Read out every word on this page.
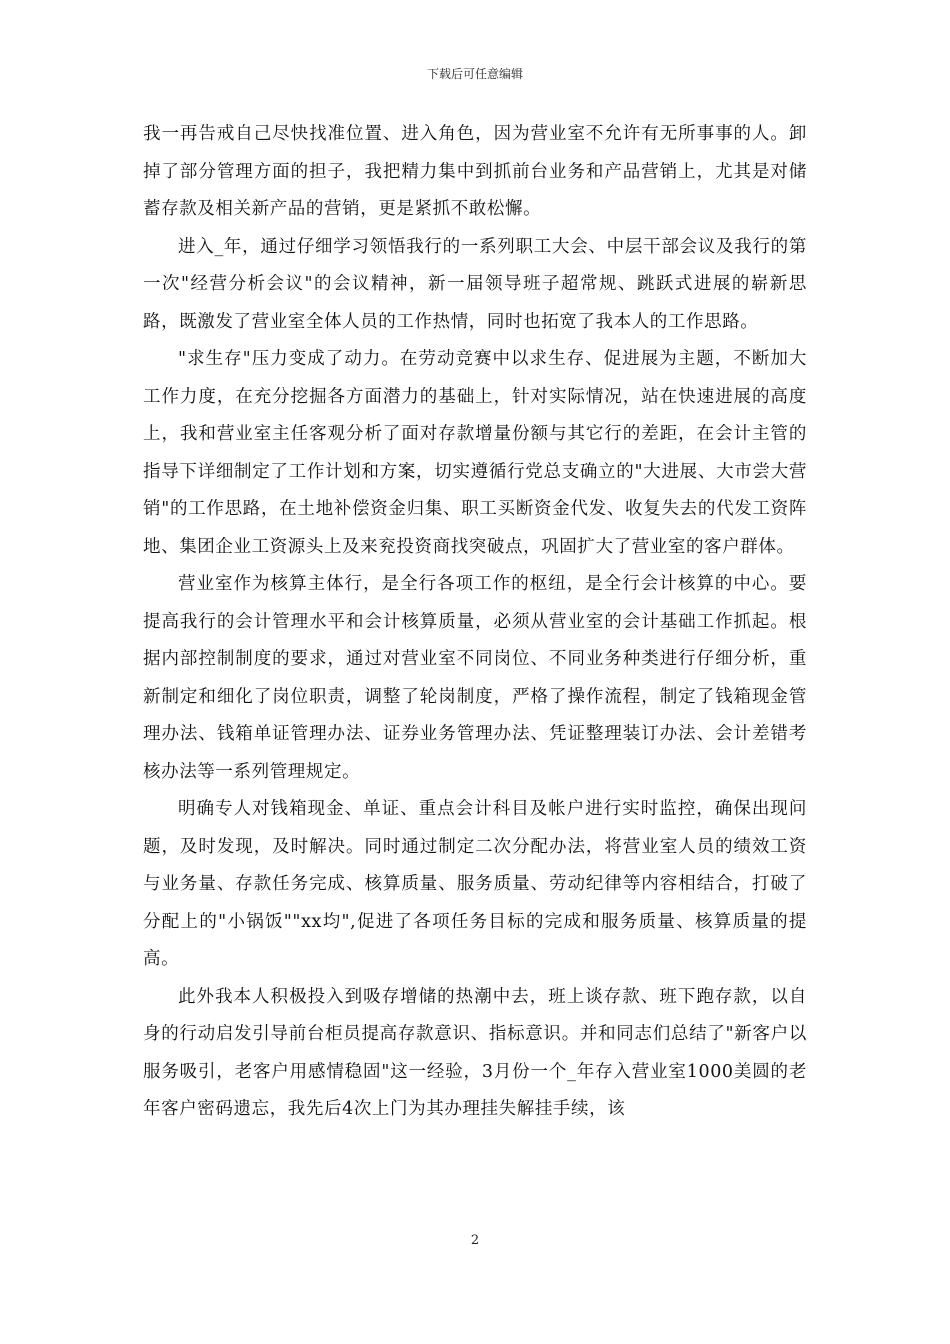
下载后可任意编辑

我一再告戒自己尽快找准位置、进入角色，因为营业室不允许有无所事事的人。卸掉了部分管理方面的担子，我把精力集中到抓前台业务和产品营销上，尤其是对储蓄存款及相关新产品的营销，更是紧抓不敢松懈。

进入_年，通过仔细学习领悟我行的一系列职工大会、中层干部会议及我行的第一次"经营分析会议"的会议精神，新一届领导班子超常规、跳跃式进展的崭新思路，既激发了营业室全体人员的工作热情，同时也拓宽了我本人的工作思路。

"求生存"压力变成了动力。在劳动竞赛中以求生存、促进展为主题，不断加大工作力度，在充分挖掘各方面潜力的基础上，针对实际情况，站在快速进展的高度上，我和营业室主任客观分析了面对存款增量份额与其它行的差距，在会计主管的指导下详细制定了工作计划和方案，切实遵循行党总支确立的"大进展、大市尝大营销"的工作思路，在土地补偿资金归集、职工买断资金代发、收复失去的代发工资阵地、集团企业工资源头上及来兖投资商找突破点，巩固扩大了营业室的客户群体。

营业室作为核算主体行，是全行各项工作的枢纽，是全行会计核算的中心。要提高我行的会计管理水平和会计核算质量，必须从营业室的会计基础工作抓起。根据内部控制制度的要求，通过对营业室不同岗位、不同业务种类进行仔细分析，重新制定和细化了岗位职责，调整了轮岗制度，严格了操作流程，制定了钱箱现金管理办法、钱箱单证管理办法、证券业务管理办法、凭证整理装订办法、会计差错考核办法等一系列管理规定。

明确专人对钱箱现金、单证、重点会计科目及帐户进行实时监控，确保出现问题，及时发现，及时解决。同时通过制定二次分配办法，将营业室人员的绩效工资与业务量、存款任务完成、核算质量、服务质量、劳动纪律等内容相结合，打破了分配上的"小锅饭""xx均",促进了各项任务目标的完成和服务质量、核算质量的提高。

此外我本人积极投入到吸存增储的热潮中去，班上谈存款、班下跑存款，以自身的行动启发引导前台柜员提高存款意识、指标意识。并和同志们总结了"新客户以服务吸引，老客户用感情稳固"这一经验，3月份一个_年存入营业室1000美圆的老年客户密码遗忘，我先后4次上门为其办理挂失解挂手续，该

2
